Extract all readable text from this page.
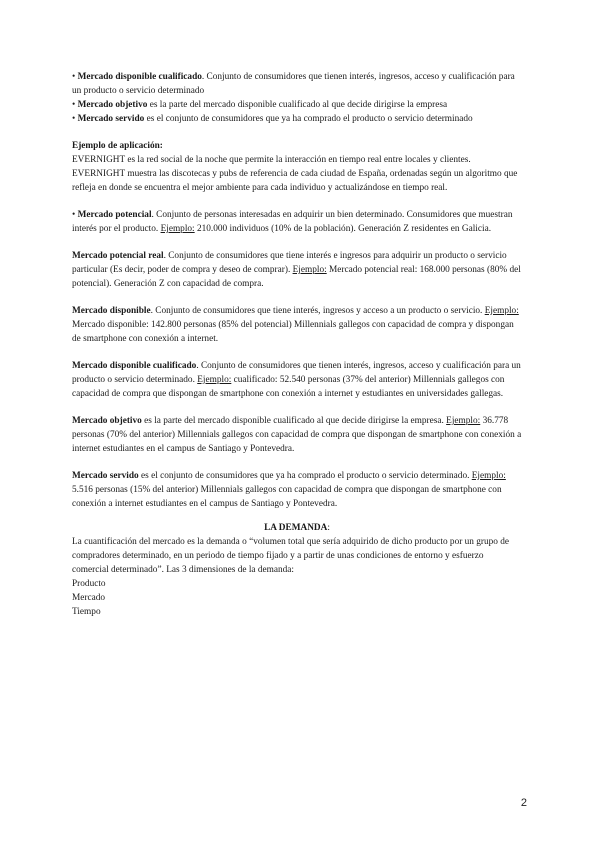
• Mercado disponible cualificado. Conjunto de consumidores que tienen interés, ingresos, acceso y cualificación para un producto o servicio determinado

• Mercado objetivo es la parte del mercado disponible cualificado al que decide dirigirse la empresa

• Mercado servido es el conjunto de consumidores que ya ha comprado el producto o servicio determinado

Ejemplo de aplicación:

EVERNIGHT es la red social de la noche que permite la interacción en tiempo real entre locales y clientes.

EVERNIGHT muestra las discotecas y pubs de referencia de cada ciudad de España, ordenadas según un algoritmo que refleja en donde se encuentra el mejor ambiente para cada individuo y actualizándose en tiempo real.

• Mercado potencial. Conjunto de personas interesadas en adquirir un bien determinado. Consumidores que muestran interés por el producto. Ejemplo: 210.000 individuos (10% de la población). Generación Z residentes en Galicia.

Mercado potencial real. Conjunto de consumidores que tiene interés e ingresos para adquirir un producto o servicio particular (Es decir, poder de compra y deseo de comprar). Ejemplo: Mercado potencial real: 168.000 personas (80% del potencial). Generación Z con capacidad de compra.

Mercado disponible. Conjunto de consumidores que tiene interés, ingresos y acceso a un producto o servicio. Ejemplo: Mercado disponible: 142.800 personas (85% del potencial) Millennials gallegos con capacidad de compra y dispongan de smartphone con conexión a internet.

Mercado disponible cualificado. Conjunto de consumidores que tienen interés, ingresos, acceso y cualificación para un producto o servicio determinado. Ejemplo: cualificado: 52.540 personas (37% del anterior) Millennials gallegos con capacidad de compra que dispongan de smartphone con conexión a internet y estudiantes en universidades gallegas.

Mercado objetivo es la parte del mercado disponible cualificado al que decide dirigirse la empresa. Ejemplo: 36.778 personas (70% del anterior) Millennials gallegos con capacidad de compra que dispongan de smartphone con conexión a internet estudiantes en el campus de Santiago y Pontevedra.

Mercado servido es el conjunto de consumidores que ya ha comprado el producto o servicio determinado. Ejemplo: 5.516 personas (15% del anterior) Millennials gallegos con capacidad de compra que dispongan de smartphone con conexión a internet estudiantes en el campus de Santiago y Pontevedra.

LA DEMANDA:

La cuantificación del mercado es la demanda o “volumen total que sería adquirido de dicho producto por un grupo de compradores determinado, en un periodo de tiempo fijado y a partir de unas condiciones de entorno y esfuerzo comercial determinado”. Las 3 dimensiones de la demanda:

Producto

Mercado

Tiempo

2
